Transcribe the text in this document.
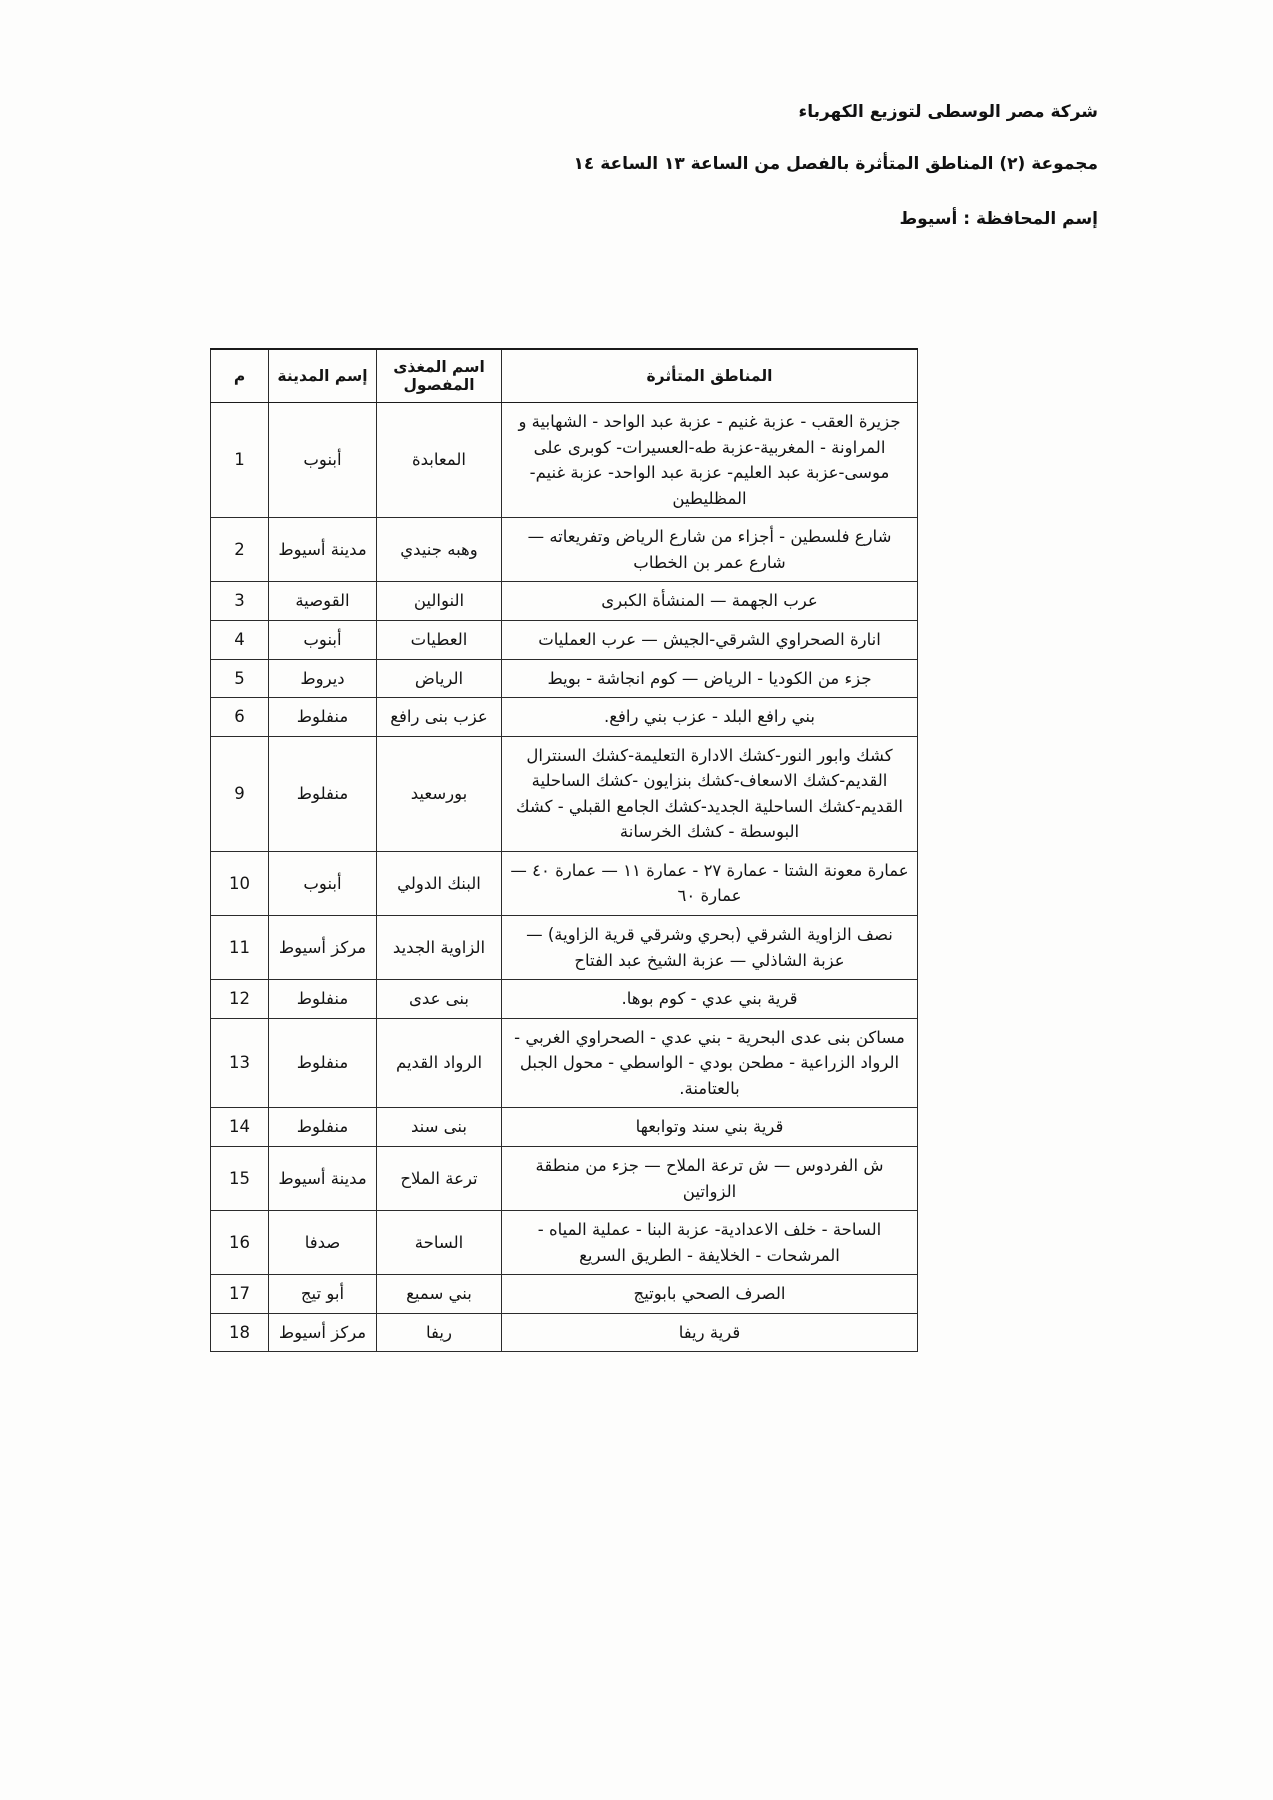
شركة مصر الوسطى لتوزيع الكهرباء
مجموعة (٢) المناطق المتأثرة بالفصل من الساعة ١٣ الساعة ١٤
إسم المحافظة : أسيوط
المناطق المتأثرة	اسم المغذى المفصول	إسم المدينة	م
جزيرة العقب - عزبة غنيم - عزبة عبد الواحد - الشهابية و المراونة - المغربية-عزبة طه-العسيرات- كوبرى على موسى-عزبة عبد العليم- عزبة عبد الواحد- عزبة غنيم-المظليطين	المعابدة	أبنوب	1
شارع فلسطين - أجزاء من شارع الرياض وتفريعاته — شارع عمر بن الخطاب	وهبه جنيدي	مدينة أسيوط	2
عرب الجهمة — المنشأة الكبرى	النوالين	القوصية	3
انارة الصحراوي الشرقي-الجيش — عرب العمليات	العطيات	أبنوب	4
جزء من الكوديا - الرياض — كوم انجاشة - بويط	الرياض	ديروط	5
بني رافع البلد - عزب بني رافع.	عزب بنى رافع	منفلوط	6
كشك وابور النور-كشك الادارة التعليمة-كشك السنترال القديم-كشك الاسعاف-كشك بنزايون -كشك الساحلية القديم-كشك الساحلية الجديد-كشك الجامع القبلي - كشك البوسطة - كشك الخرسانة	بورسعيد	منفلوط	9
عمارة معونة الشتا - عمارة ٢٧ - عمارة ١١ — عمارة ٤٠ — عمارة ٦٠	البنك الدولي	أبنوب	10
نصف الزاوية الشرقي (بحري وشرقي قرية الزاوية) — عزبة الشاذلي — عزبة الشيخ عبد الفتاح	الزاوية الجديد	مركز أسيوط	11
قرية بني عدي - كوم بوها.	بنى عدى	منفلوط	12
مساكن بنى عدى البحرية - بني عدي - الصحراوي الغربي - الرواد الزراعية - مطحن بودي - الواسطي - محول الجبل بالعتامنة.	الرواد القديم	منفلوط	13
قرية بني سند وتوابعها	بنى سند	منفلوط	14
ش الفردوس — ش ترعة الملاح — جزء من منطقة الزواتين	ترعة الملاح	مدينة أسيوط	15
الساحة - خلف الاعدادية- عزبة البنا - عملية المياه - المرشحات - الخلايفة - الطريق السريع	الساحة	صدفا	16
الصرف الصحي بابوتيج	بني سميع	أبو تيج	17
قرية ريفا	ريفا	مركز أسيوط	18
